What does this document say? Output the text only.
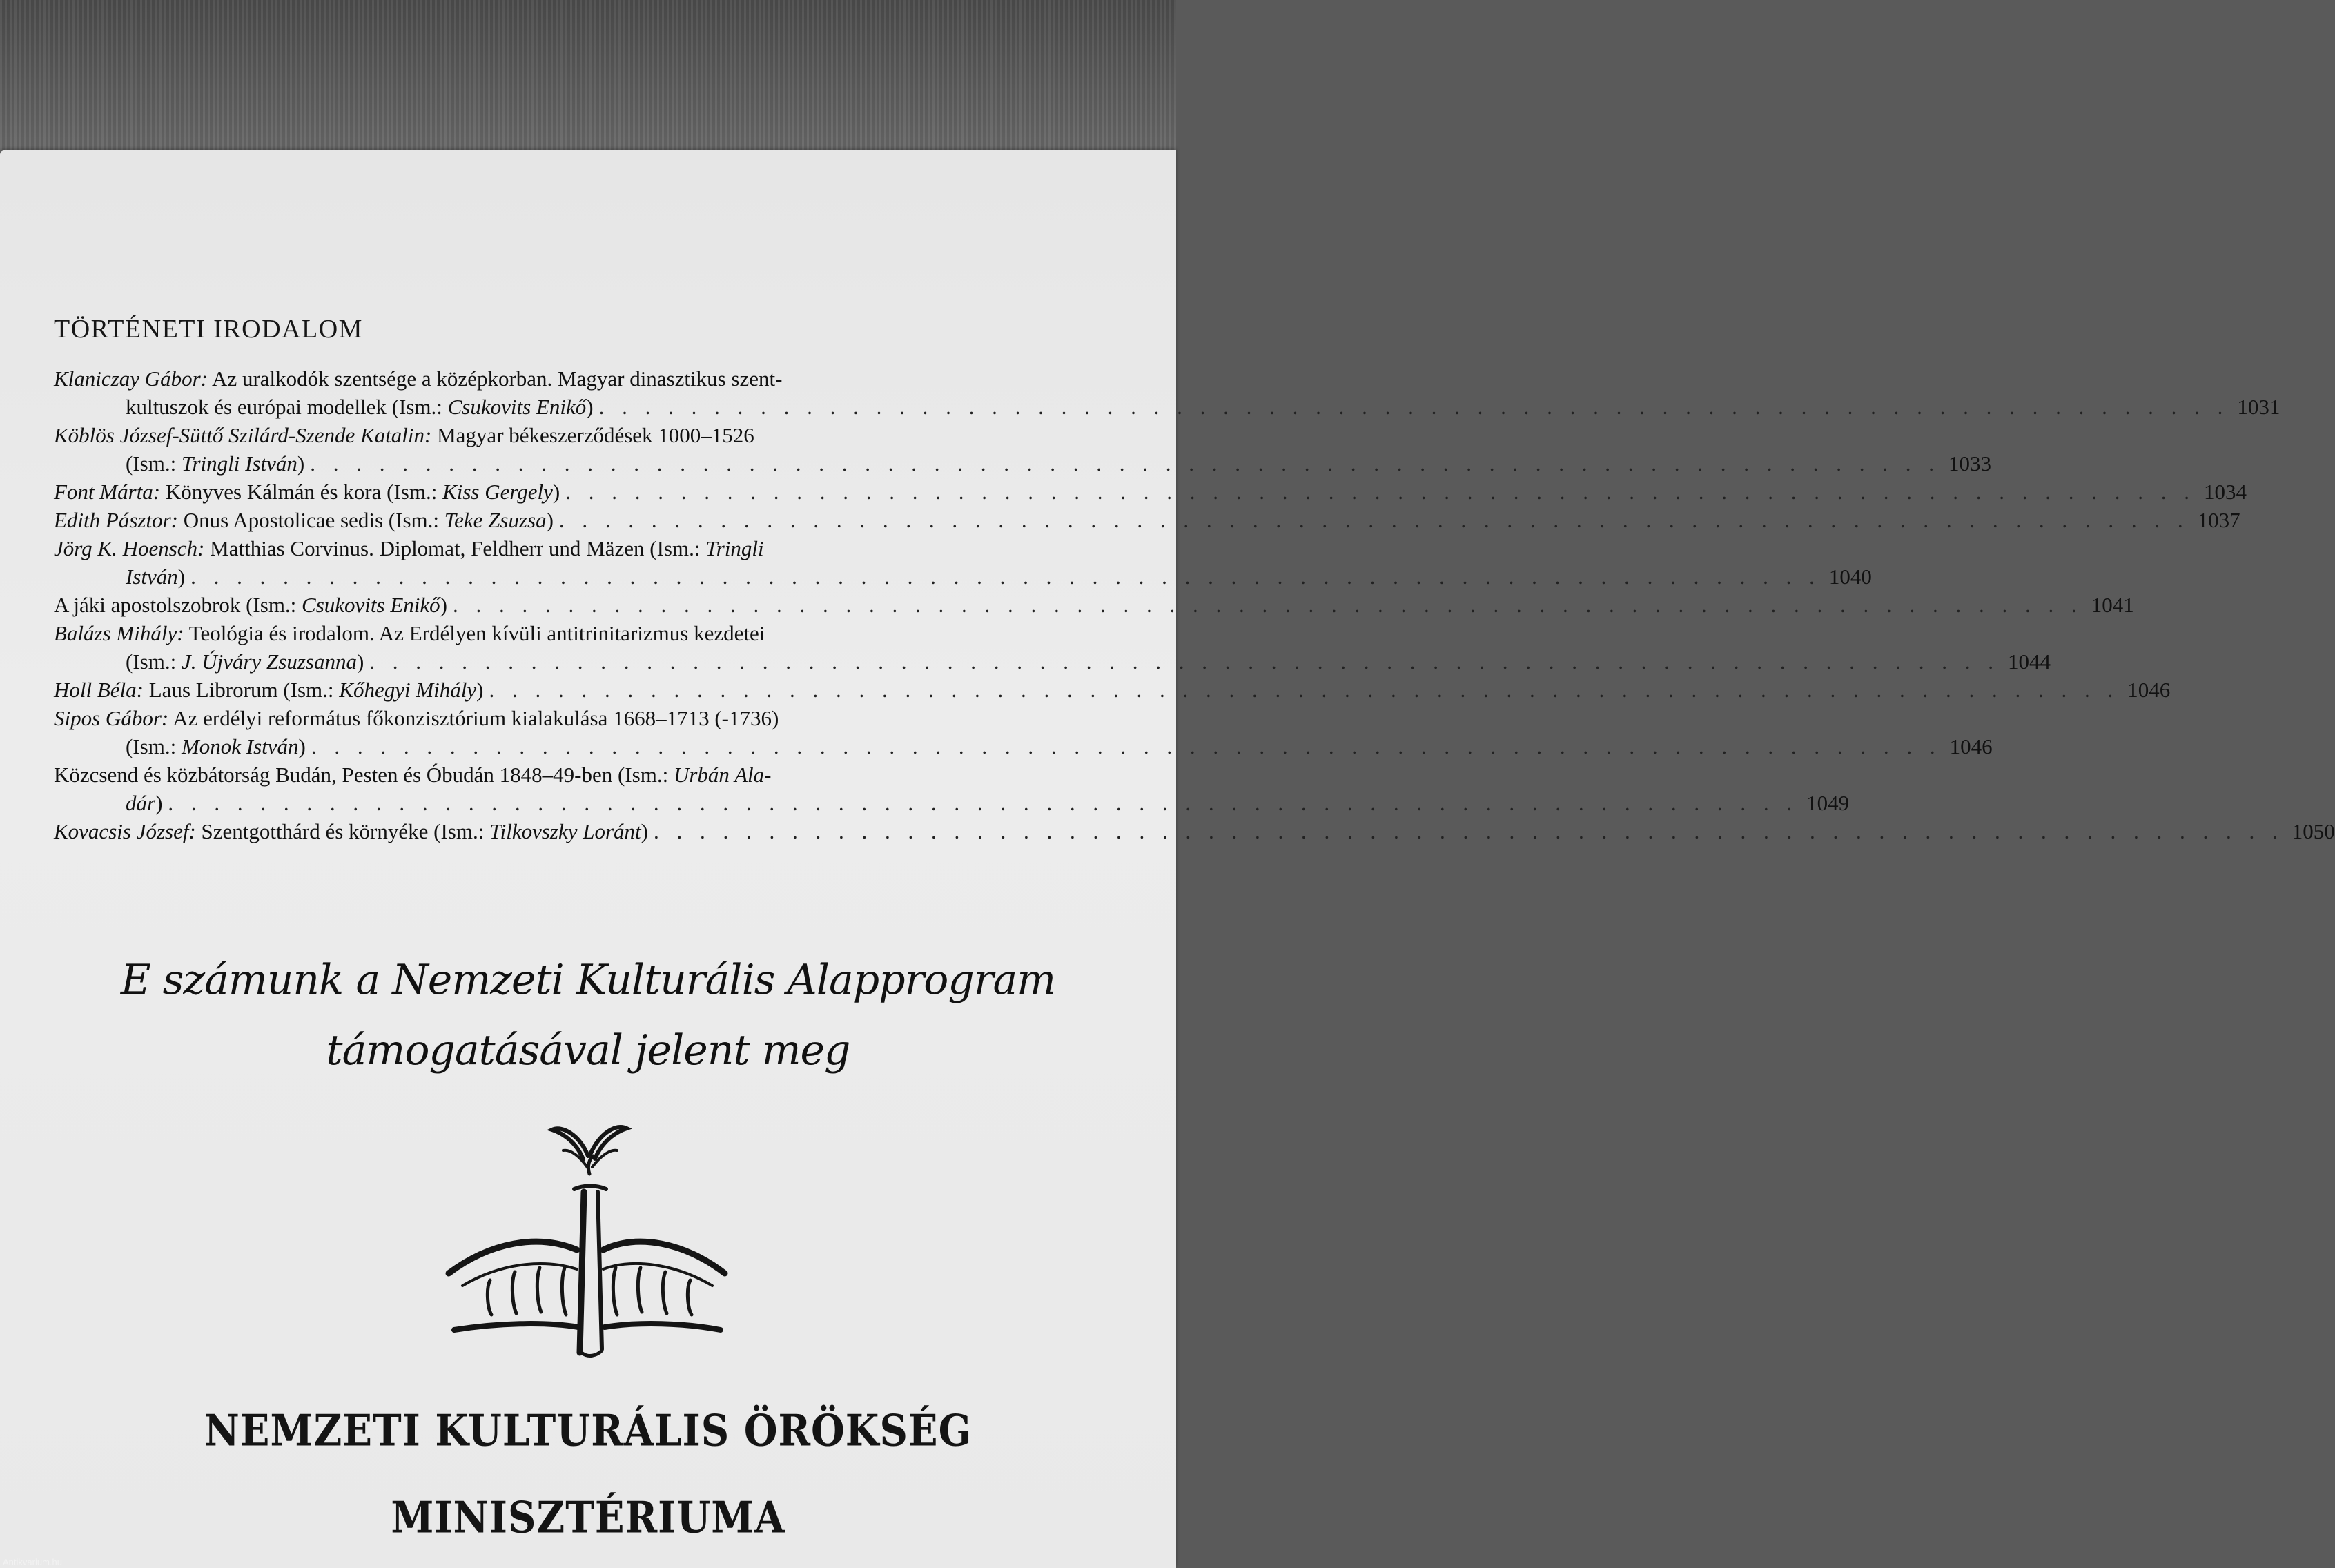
TÖRTÉNETI IRODALOM
Klaniczay Gábor: Az uralkodók szentsége a középkorban. Magyar dinasztikus szent-
kultuszok és európai modellek (Ism.: Csukovits Enikő) . . . . . . . . . . . . . . . . . . . . . . . . . . . . . . . . . . . . . . . . . . . . . . . . . . . . . . . . . . . . . . . . . . . . . . . 1031
Köblös József-Süttő Szilárd-Szende Katalin: Magyar békeszerződések 1000–1526
(Ism.: Tringli István) . . . . . . . . . . . . . . . . . . . . . . . . . . . . . . . . . . . . . . . . . . . . . . . . . . . . . . . . . . . . . . . . . . . . . . . 1033
Font Márta: Könyves Kálmán és kora (Ism.: Kiss Gergely) . . . . . . . . . . . . . . . . . . . . . . . . . . . . . . . . . . . . . . . . . . . . . . . . . . . . . . . . . . . . . . . . . . . . . . . 1034
Edith Pásztor: Onus Apostolicae sedis (Ism.: Teke Zsuzsa) . . . . . . . . . . . . . . . . . . . . . . . . . . . . . . . . . . . . . . . . . . . . . . . . . . . . . . . . . . . . . . . . . . . . . . . 1037
Jörg K. Hoensch: Matthias Corvinus. Diplomat, Feldherr und Mäzen (Ism.: Tringli
István) . . . . . . . . . . . . . . . . . . . . . . . . . . . . . . . . . . . . . . . . . . . . . . . . . . . . . . . . . . . . . . . . . . . . . . . 1040
A jáki apostolszobrok (Ism.: Csukovits Enikő) . . . . . . . . . . . . . . . . . . . . . . . . . . . . . . . . . . . . . . . . . . . . . . . . . . . . . . . . . . . . . . . . . . . . . . . 1041
Balázs Mihály: Teológia és irodalom. Az Erdélyen kívüli antitrinitarizmus kezdetei
(Ism.: J. Újváry Zsuzsanna) . . . . . . . . . . . . . . . . . . . . . . . . . . . . . . . . . . . . . . . . . . . . . . . . . . . . . . . . . . . . . . . . . . . . . . . 1044
Holl Béla: Laus Librorum (Ism.: Kőhegyi Mihály) . . . . . . . . . . . . . . . . . . . . . . . . . . . . . . . . . . . . . . . . . . . . . . . . . . . . . . . . . . . . . . . . . . . . . . . 1046
Sipos Gábor: Az erdélyi református főkonzisztórium kialakulása 1668–1713 (-1736)
(Ism.: Monok István) . . . . . . . . . . . . . . . . . . . . . . . . . . . . . . . . . . . . . . . . . . . . . . . . . . . . . . . . . . . . . . . . . . . . . . . 1046
Közcsend és közbátorság Budán, Pesten és Óbudán 1848–49-ben (Ism.: Urbán Ala-
dár) . . . . . . . . . . . . . . . . . . . . . . . . . . . . . . . . . . . . . . . . . . . . . . . . . . . . . . . . . . . . . . . . . . . . . . . 1049
Kovacsis József: Szentgotthárd és környéke (Ism.: Tilkovszky Loránt) . . . . . . . . . . . . . . . . . . . . . . . . . . . . . . . . . . . . . . . . . . . . . . . . . . . . . . . . . . . . . . . . . . . . . . . 1050
E számunk a Nemzeti Kulturális Alapprogram
támogatásával jelent meg
NEMZETI KULTURÁLIS ÖRÖKSÉG
MINISZTÉRIUMA
Antikvarium.hu
